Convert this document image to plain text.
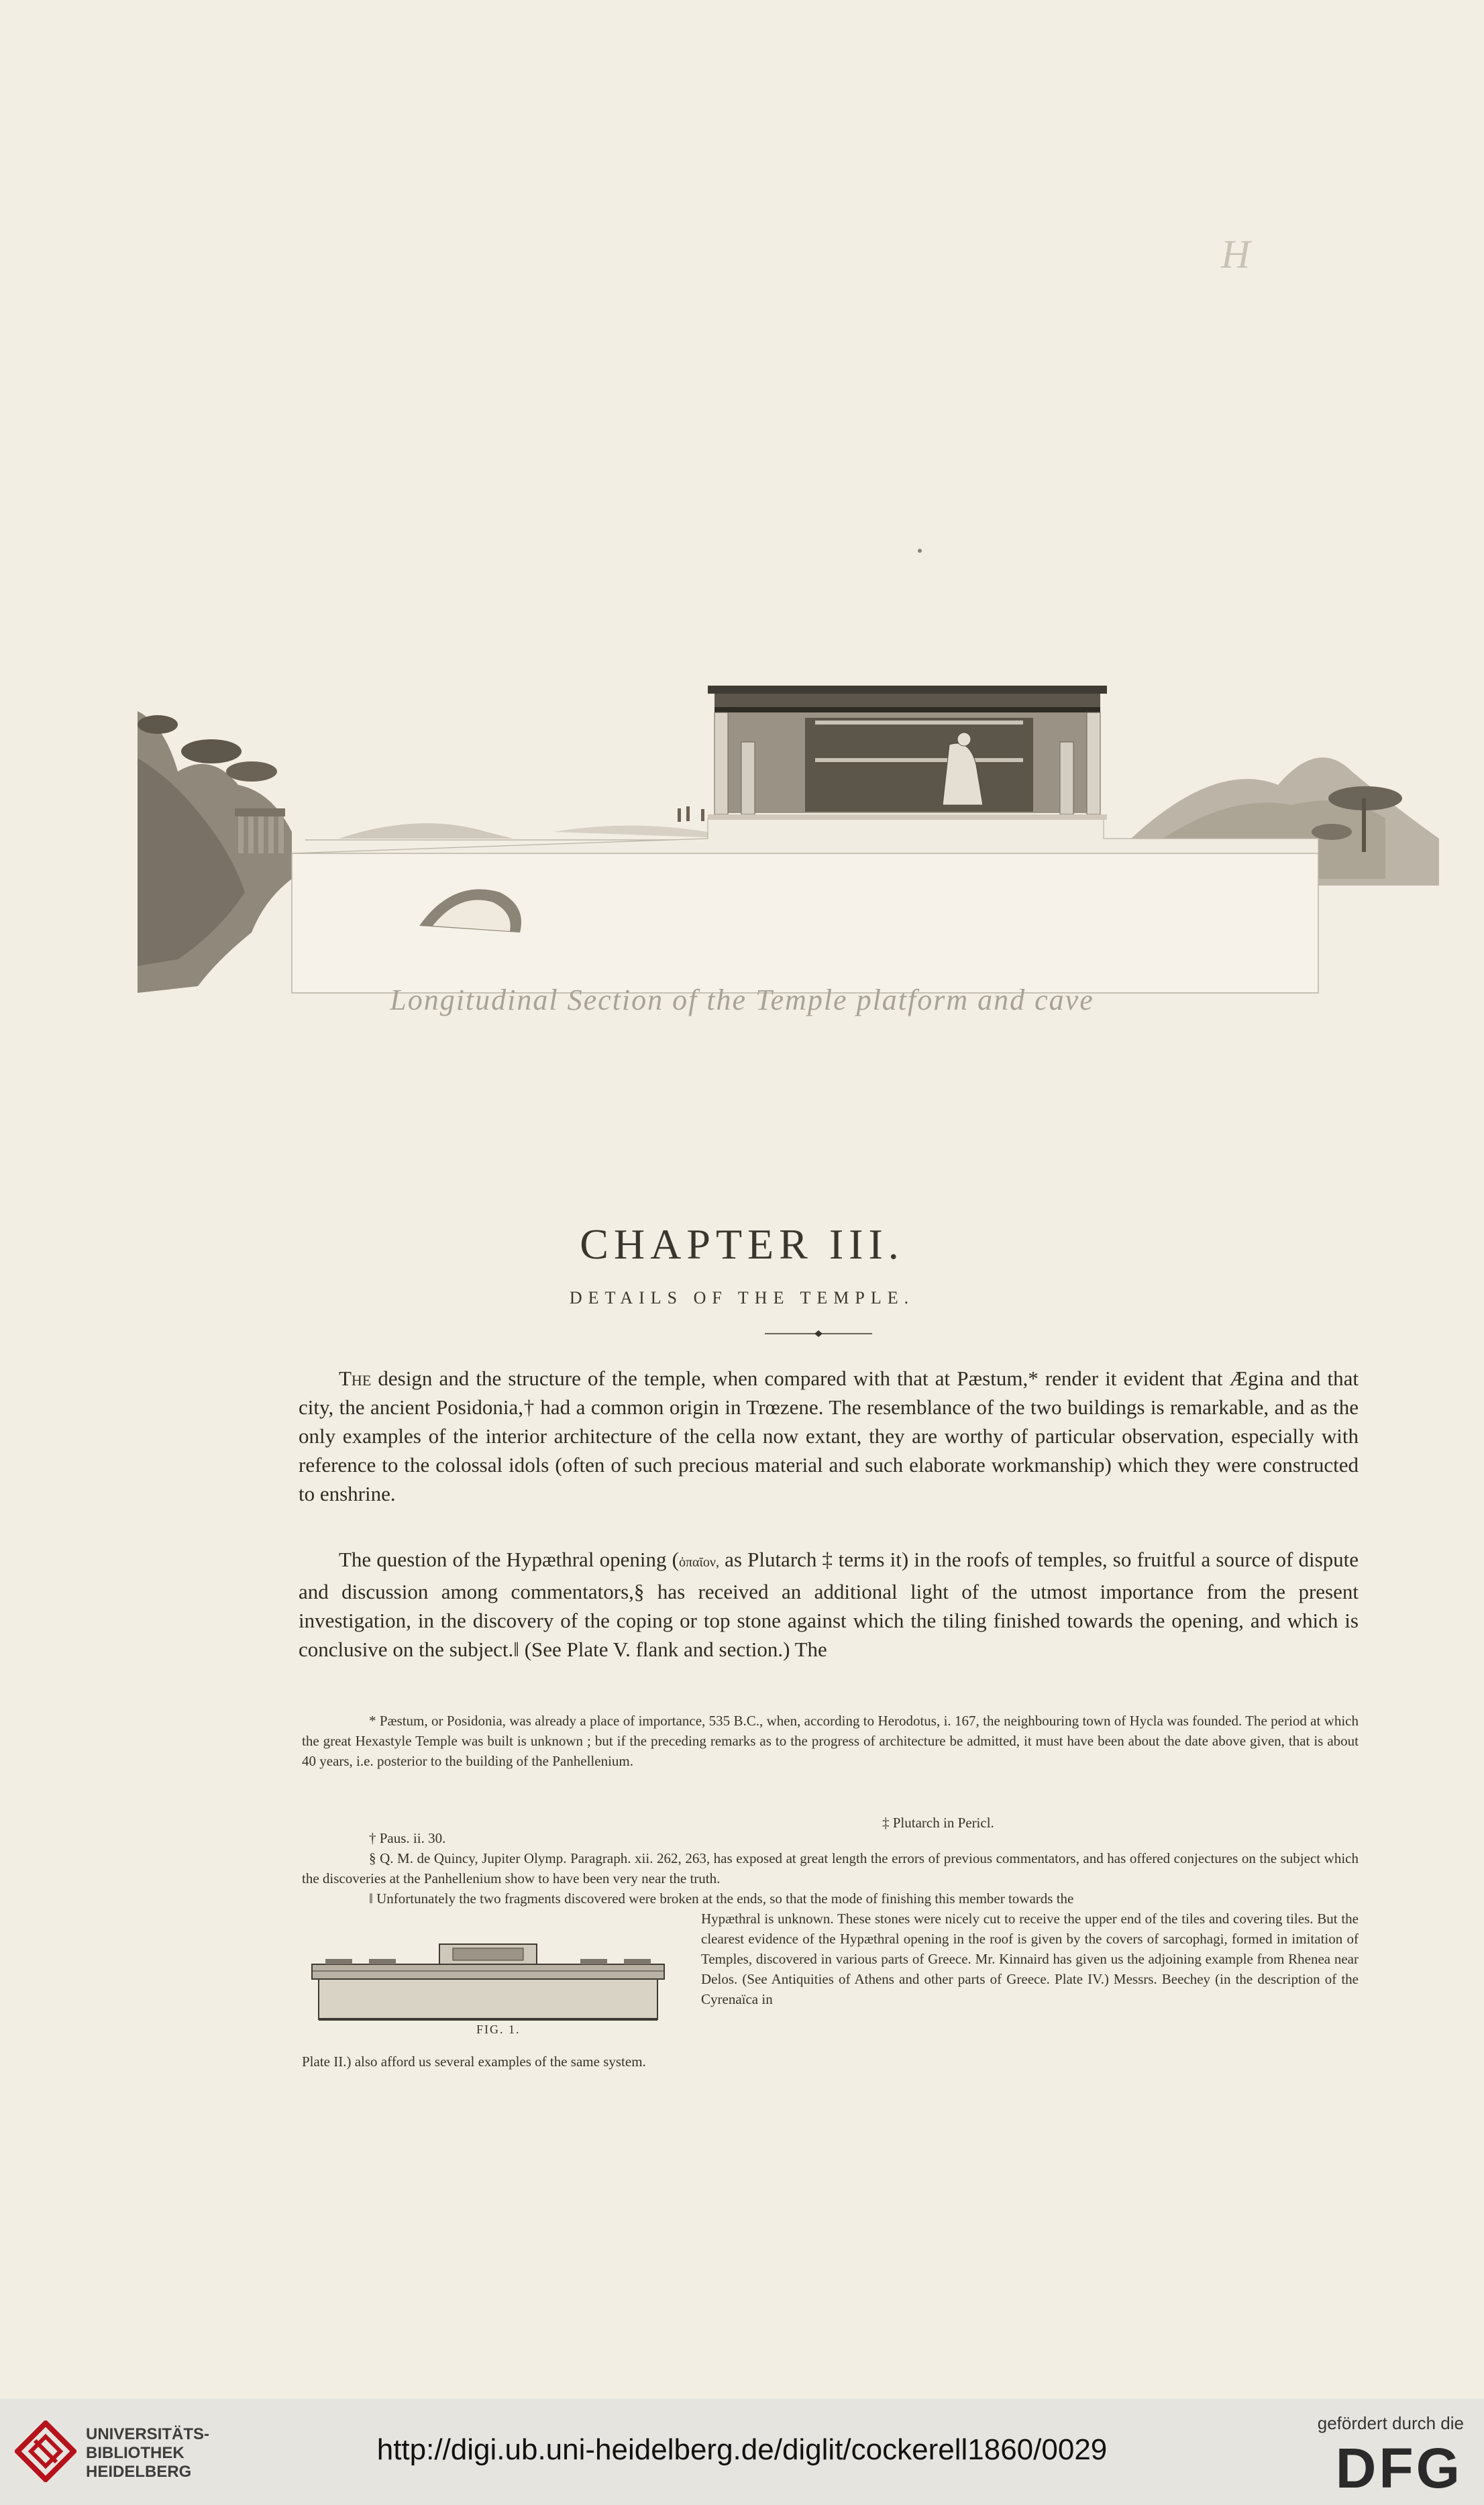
H
Longitudinal Section of the Temple platform and cave
CHAPTER III.
DETAILS OF THE TEMPLE.

The design and the structure of the temple, when compared with that at Pæstum,* render it evident that Ægina and that city, the ancient Posidonia,† had a common origin in Trœzene. The resemblance of the two buildings is remarkable, and as the only examples of the interior architecture of the cella now extant, they are worthy of particular observation, especially with reference to the colossal idols (often of such precious material and such elaborate workmanship) which they were constructed to enshrine.

The question of the Hypæthral opening (ὀπαῖον, as Plutarch ‡ terms it) in the roofs of temples, so fruitful a source of dispute and discussion among commentators,§ has received an additional light of the utmost importance from the present investigation, in the discovery of the coping or top stone against which the tiling finished towards the opening, and which is conclusive on the subject.‖ (See Plate V. flank and section.) The

* Pæstum, or Posidonia, was already a place of importance, 535 B.C., when, according to Herodotus, i. 167, the neighbouring town of Hycla was founded. The period at which the great Hexastyle Temple was built is unknown ; but if the preceding remarks as to the progress of architecture be admitted, it must have been about the date above given, that is about 40 years, i.e. posterior to the building of the Panhellenium.

† Paus. ii. 30.

‡ Plutarch in Pericl.

§ Q. M. de Quincy, Jupiter Olymp. Paragraph. xii. 262, 263, has exposed at great length the errors of previous commentators, and has offered conjectures on the subject which the discoveries at the Panhellenium show to have been very near the truth.

‖ Unfortunately the two fragments discovered were broken at the ends, so that the mode of finishing this member towards the

Hypæthral is unknown. These stones were nicely cut to receive the upper end of the tiles and covering tiles. But the clearest evidence of the Hypæthral opening in the roof is given by the covers of sarcophagi, formed in imitation of Temples, discovered in various parts of Greece. Mr. Kinnaird has given us the adjoining example from Rhenea near Delos. (See Antiquities of Athens and other parts of Greece. Plate IV.) Messrs. Beechey (in the description of the Cyrenaïca in

Plate II.) also afford us several examples of the same system.

FIG. 1.
UNIVERSITÄTS-
BIBLIOTHEK
HEIDELBERG
http://digi.ub.uni-heidelberg.de/diglit/cockerell1860/0029
gefördert durch die
DFG
